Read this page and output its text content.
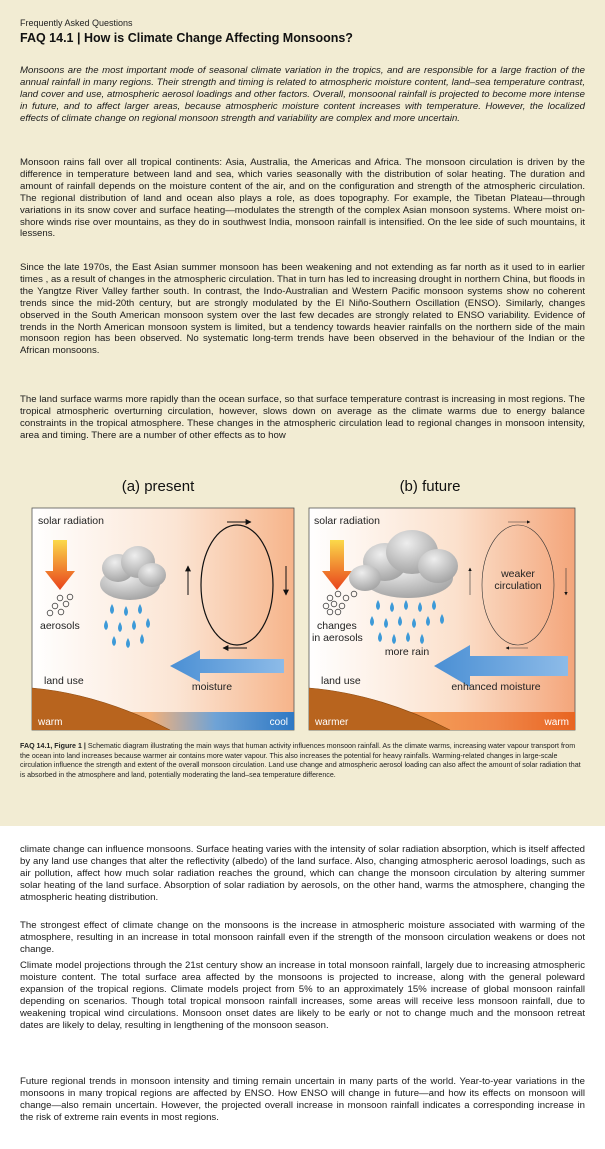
Frequently Asked Questions
FAQ 14.1 | How is Climate Change Affecting Monsoons?

Monsoons are the most important mode of seasonal climate variation in the tropics, and are responsible for a large fraction of the annual rainfall in many regions. Their strength and timing is related to atmospheric moisture content, land–sea temperature contrast, land cover and use, atmospheric aerosol loadings and other factors. Overall, monsoonal rainfall is projected to become more intense in future, and to affect larger areas, because atmospheric moisture content increases with temperature. However, the localized effects of climate change on regional monsoon strength and variability are complex and more uncertain.

Monsoon rains fall over all tropical continents: Asia, Australia, the Americas and Africa. The monsoon circulation is driven by the difference in temperature between land and sea, which varies seasonally with the distribution of solar heating. The duration and amount of rainfall depends on the moisture content of the air, and on the configuration and strength of the atmospheric circulation. The regional distribution of land and ocean also plays a role, as does topography. For example, the Tibetan Plateau—through variations in its snow cover and surface heating—modulates the strength of the complex Asian monsoon systems. Where moist on-shore winds rise over mountains, as they do in southwest India, monsoon rainfall is intensified. On the lee side of such mountains, it lessens.

Since the late 1970s, the East Asian summer monsoon has been weakening and not extending as far north as it used to in earlier times , as a result of changes in the atmospheric circulation. That in turn has led to increasing drought in northern China, but floods in the Yangtze River Valley farther south. In contrast, the Indo-Australian and Western Pacific monsoon systems show no coherent trends since the mid-20th century, but are strongly modulated by the El Niño-Southern Oscillation (ENSO). Similarly, changes observed in the South American monsoon system over the last few decades are strongly related to ENSO variability. Evidence of trends in the North American monsoon system is limited, but a tendency towards heavier rainfalls on the northern side of the main monsoon region has been observed. No systematic long-term trends have been observed in the behaviour of the Indian or the African monsoons.

The land surface warms more rapidly than the ocean surface, so that surface temperature contrast is increasing in most regions. The tropical atmospheric overturning circulation, however, slows down on average as the climate warms due to energy balance constraints in the tropical atmosphere. These changes in the atmospheric circulation lead to regional changes in monsoon intensity, area and timing. There are a number of other effects as to how

(a) present	(b) future
solar radiation
aerosols
moisture
land use
warm	cool
solar radiation
changes
in aerosols
more rain
weaker
circulation
enhanced moisture
land use
warmer	warm

FAQ 14.1, Figure 1 | Schematic diagram illustrating the main ways that human activity influences monsoon rainfall. As the climate warms, increasing water vapour transport from the ocean into land increases because warmer air contains more water vapour. This also increases the potential for heavy rainfalls. Warming-related changes in large-scale circulation influence the strength and extent of the overall monsoon circulation. Land use change and atmospheric aerosol loading can also affect the amount of solar radiation that is absorbed in the atmosphere and land, potentially moderating the land–sea temperature difference.

climate change can influence monsoons. Surface heating varies with the intensity of solar radiation absorption, which is itself affected by any land use changes that alter the reflectivity (albedo) of the land surface. Also, changing atmospheric aerosol loadings, such as air pollution, affect how much solar radiation reaches the ground, which can change the monsoon circulation by altering summer solar heating of the land surface. Absorption of solar radiation by aerosols, on the other hand, warms the atmosphere, changing the atmospheric heating distribution.

The strongest effect of climate change on the monsoons is the increase in atmospheric moisture associated with warming of the atmosphere, resulting in an increase in total monsoon rainfall even if the strength of the monsoon circulation weakens or does not change.

Climate model projections through the 21st century show an increase in total monsoon rainfall, largely due to increasing atmospheric moisture content. The total surface area affected by the monsoons is projected to increase, along with the general poleward expansion of the tropical regions. Climate models project from 5% to an approximately 15% increase of global monsoon rainfall depending on scenarios. Though total tropical monsoon rainfall increases, some areas will receive less monsoon rainfall, due to weakening tropical wind circulations. Monsoon onset dates are likely to be early or not to change much and the monsoon retreat dates are likely to delay, resulting in lengthening of the monsoon season.

Future regional trends in monsoon intensity and timing remain uncertain in many parts of the world. Year-to-year variations in the monsoons in many tropical regions are affected by ENSO. How ENSO will change in future—and how its effects on monsoon will change—also remain uncertain. However, the projected overall increase in monsoon rainfall indicates a corresponding increase in the risk of extreme rain events in most regions.
